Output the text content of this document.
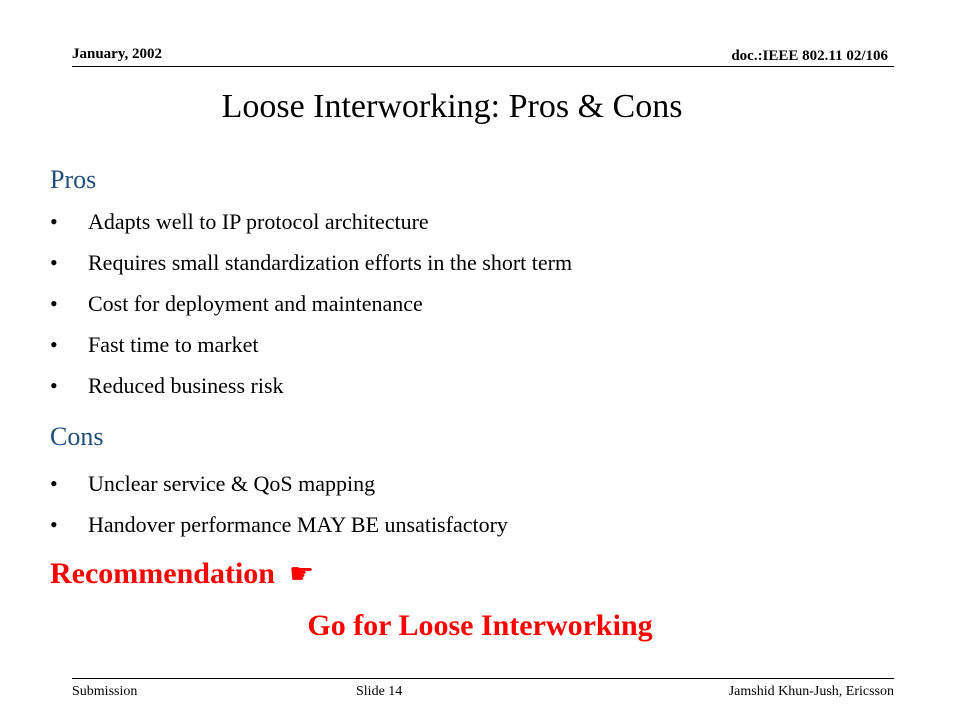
January, 2002	doc.:IEEE 802.11 02/106
Loose Interworking: Pros & Cons
Pros
• Adapts well to IP protocol architecture
• Requires small standardization efforts in the short term
• Cost for deployment and maintenance
• Fast time to market
• Reduced business risk
Cons
• Unclear service & QoS mapping
• Handover performance MAY BE unsatisfactory
Recommendation ☛
Go for Loose Interworking
Submission	Slide 14	Jamshid Khun-Jush, Ericsson
